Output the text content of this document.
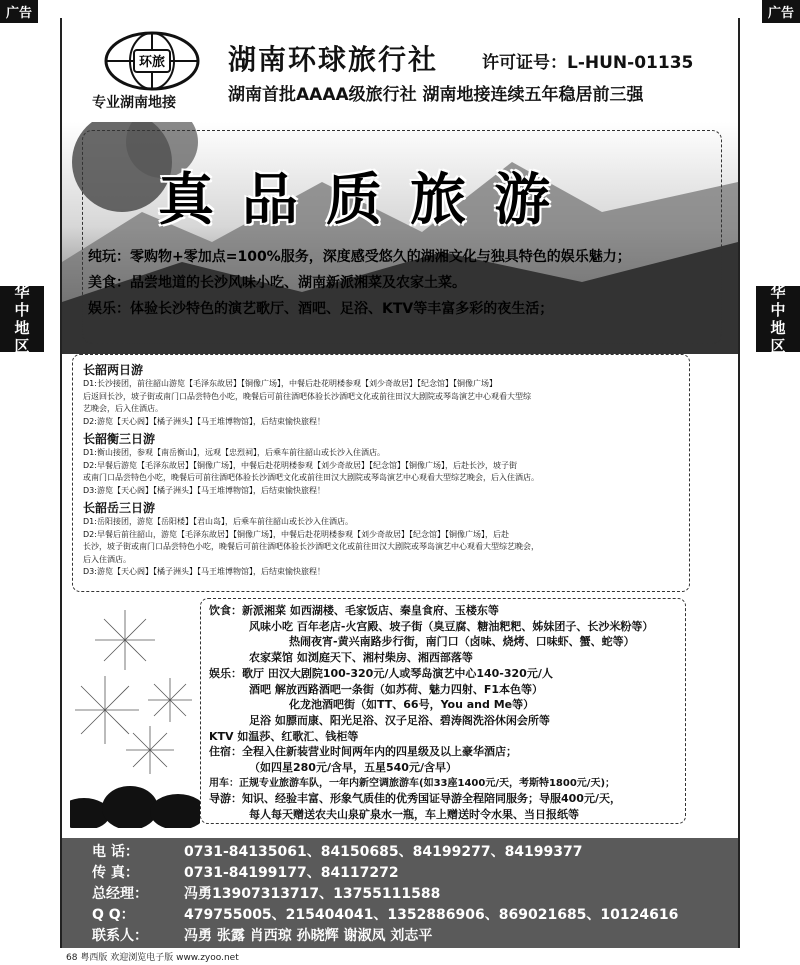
广告	广告
华
中
地
区
华
中
地
区
环旅
专业湖南地接
湖南环球旅行社	许可证号：L-HUN-01135
湖南首批AAAA级旅行社 湖南地接连续五年稳居前三强
真品质旅游
纯玩：零购物+零加点=100%服务，深度感受悠久的湖湘文化与独具特色的娱乐魅力；
美食：品尝地道的长沙风味小吃、湖南新派湘菜及农家土菜。
娱乐：体验长沙特色的演艺歌厅、酒吧、足浴、KTV等丰富多彩的夜生活；
长韶两日游
D1:长沙接团，前往韶山游览【毛泽东故居】【铜像广场】，中餐后赴花明楼参观【刘少奇故居】【纪念馆】【铜像广场】
后返回长沙，坡子街或南门口品尝特色小吃，晚餐后可前往酒吧体验长沙酒吧文化或前往田汉大剧院或琴岛演艺中心观看大型综
艺晚会，后入住酒店。
D2:游览【天心阁】【橘子洲头】【马王堆博物馆】，后结束愉快旅程！
长韶衡三日游
D1:衡山接团，参观【南岳衡山】，远观【忠烈祠】，后乘车前往韶山或长沙入住酒店。
D2:早餐后游览【毛泽东故居】【铜像广场】，中餐后赴花明楼参观【刘少奇故居】【纪念馆】【铜像广场】，后赴长沙，坡子街
或南门口品尝特色小吃，晚餐后可前往酒吧体验长沙酒吧文化或前往田汉大剧院或琴岛演艺中心观看大型综艺晚会，后入住酒店。
D3:游览【天心阁】【橘子洲头】【马王堆博物馆】，后结束愉快旅程！
长韶岳三日游
D1:岳阳接团，游览【岳阳楼】【君山岛】，后乘车前往韶山或长沙入住酒店。
D2:早餐后前往韶山，游览【毛泽东故居】【铜像广场】，中餐后赴花明楼参观【刘少奇故居】【纪念馆】【铜像广场】，后赴
长沙，坡子街或南门口品尝特色小吃，晚餐后可前往酒吧体验长沙酒吧文化或前往田汉大剧院或琴岛演艺中心观看大型综艺晚会，
后入住酒店。
D3:游览【天心阁】【橘子洲头】【马王堆博物馆】，后结束愉快旅程！
饮食：新派湘菜 如西湖楼、毛家饭店、秦皇食府、玉楼东等
风味小吃 百年老店-火宫殿、坡子街（臭豆腐、糖油粑粑、姊妹团子、长沙米粉等）
热闹夜宵-黄兴南路步行街，南门口（卤味、烧烤、口味虾、蟹、蛇等）
农家菜馆 如浏庭天下、湘村柴房、湘西部落等
娱乐：歌厅 田汉大剧院100-320元/人或琴岛演艺中心140-320元/人
酒吧 解放西路酒吧一条街（如苏荷、魅力四射、F1本色等）
化龙池酒吧街（如TT、66号，You and Me等）
足浴 如膘而康、阳光足浴、汉子足浴、碧涛阁洗浴休闲会所等
KTV 如温莎、红歌汇、钱柜等
住宿：全程入住新装营业时间两年内的四星级及以上豪华酒店；
（如四星280元/含早，五星540元/含早）
用车：正规专业旅游车队，一年内新空调旅游车(如33座1400元/天，考斯特1800元/天)；
导游：知识、经验丰富、形象气质佳的优秀国证导游全程陪同服务；导服400元/天，
每人每天赠送农夫山泉矿泉水一瓶，车上赠送时令水果、当日报纸等
电 话：	0731-84135061、84150685、84199277、84199377
传 真：	0731-84199177、84117272
总经理：	冯勇13907313717、13755111588
Q Q：	479755005、215404041、1352886906、869021685、10124616
联系人：	冯勇 张露 肖西琼 孙晓辉 谢淑凤 刘志平
68 粤西版 欢迎浏览电子版 www.zyoo.net
